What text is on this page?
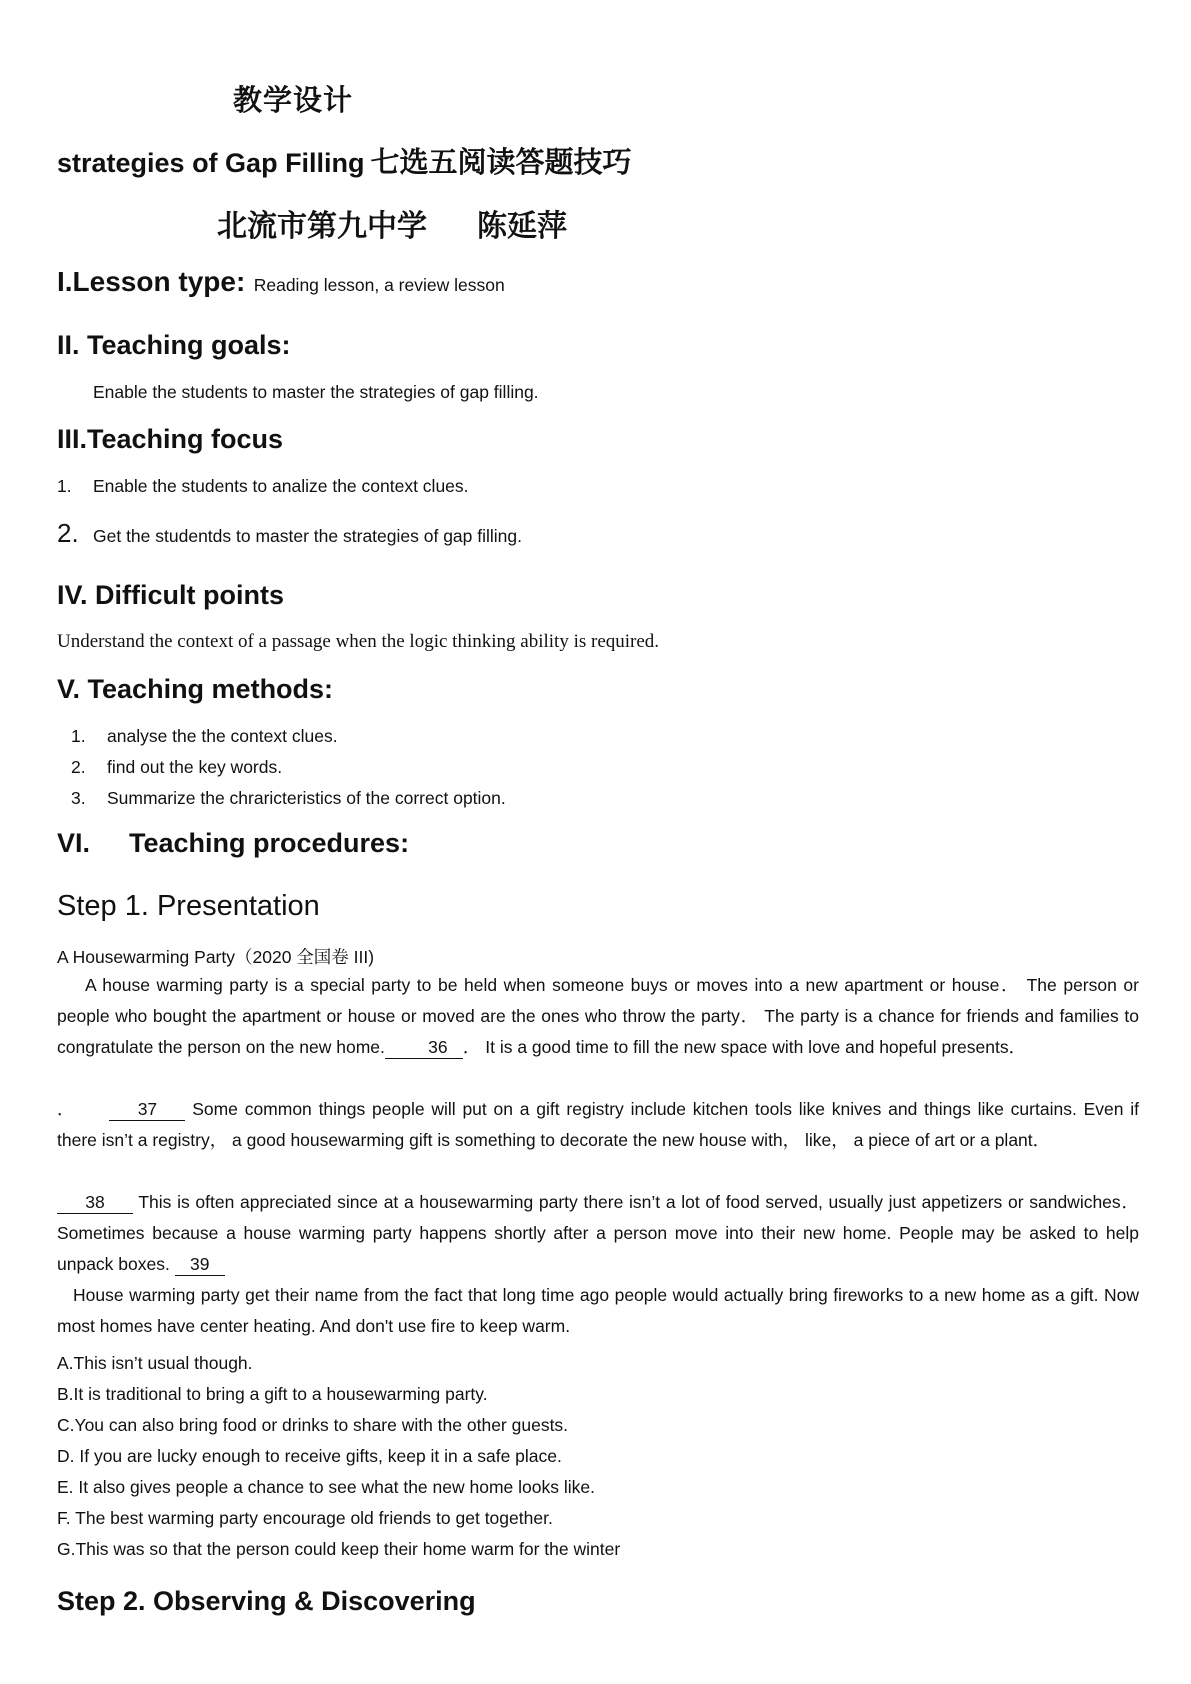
教学设计
strategies of Gap Filling 七选五阅读答题技巧
北流市第九中学 陈延萍
I.Lesson type: Reading lesson, a review lesson
II. Teaching goals:
Enable the students to master the strategies of gap filling.
III.Teaching focus
1. Enable the students to analize the context clues.
2. Get the studentds to master the strategies of gap filling.
IV. Difficult points
Understand the context of a passage when the logic thinking ability is required.
V. Teaching methods:
1. analyse the the context clues.
2. find out the key words.
3. Summarize the chraricteristics of the correct option.
VI. Teaching procedures:
Step 1. Presentation
A Housewarming Party（2020 全国卷 III)
A house warming party is a special party to be held when someone buys or moves into a new apartment or house． The person or people who bought the apartment or house or moved are the ones who throw the party． The party is a chance for friends and families to congratulate the person on the new home. 36 ． It is a good time to fill the new space with love and hopeful presents．
．	37 Some common things people will put on a gift registry include kitchen tools like knives and things like curtains. Even if there isn’t a registry， a good housewarming gift is something to decorate the new house with， like， a piece of art or a plant．
38 This is often appreciated since at a housewarming party there isn’t a lot of food served, usually just appetizers or sandwiches． Sometimes because a house warming party happens shortly after a person move into their new home. People may be asked to help unpack boxes. 39
House warming party get their name from the fact that long time ago people would actually bring fireworks to a new home as a gift. Now most homes have center heating. And don't use fire to keep warm.
A.This isn’t usual though.
B.It is traditional to bring a gift to a housewarming party.
C.You can also bring food or drinks to share with the other guests.
D. If you are lucky enough to receive gifts, keep it in a safe place.
E. It also gives people a chance to see what the new home looks like.
F. The best warming party encourage old friends to get together.
G.This was so that the person could keep their home warm for the winter
Step 2. Observing & Discovering
